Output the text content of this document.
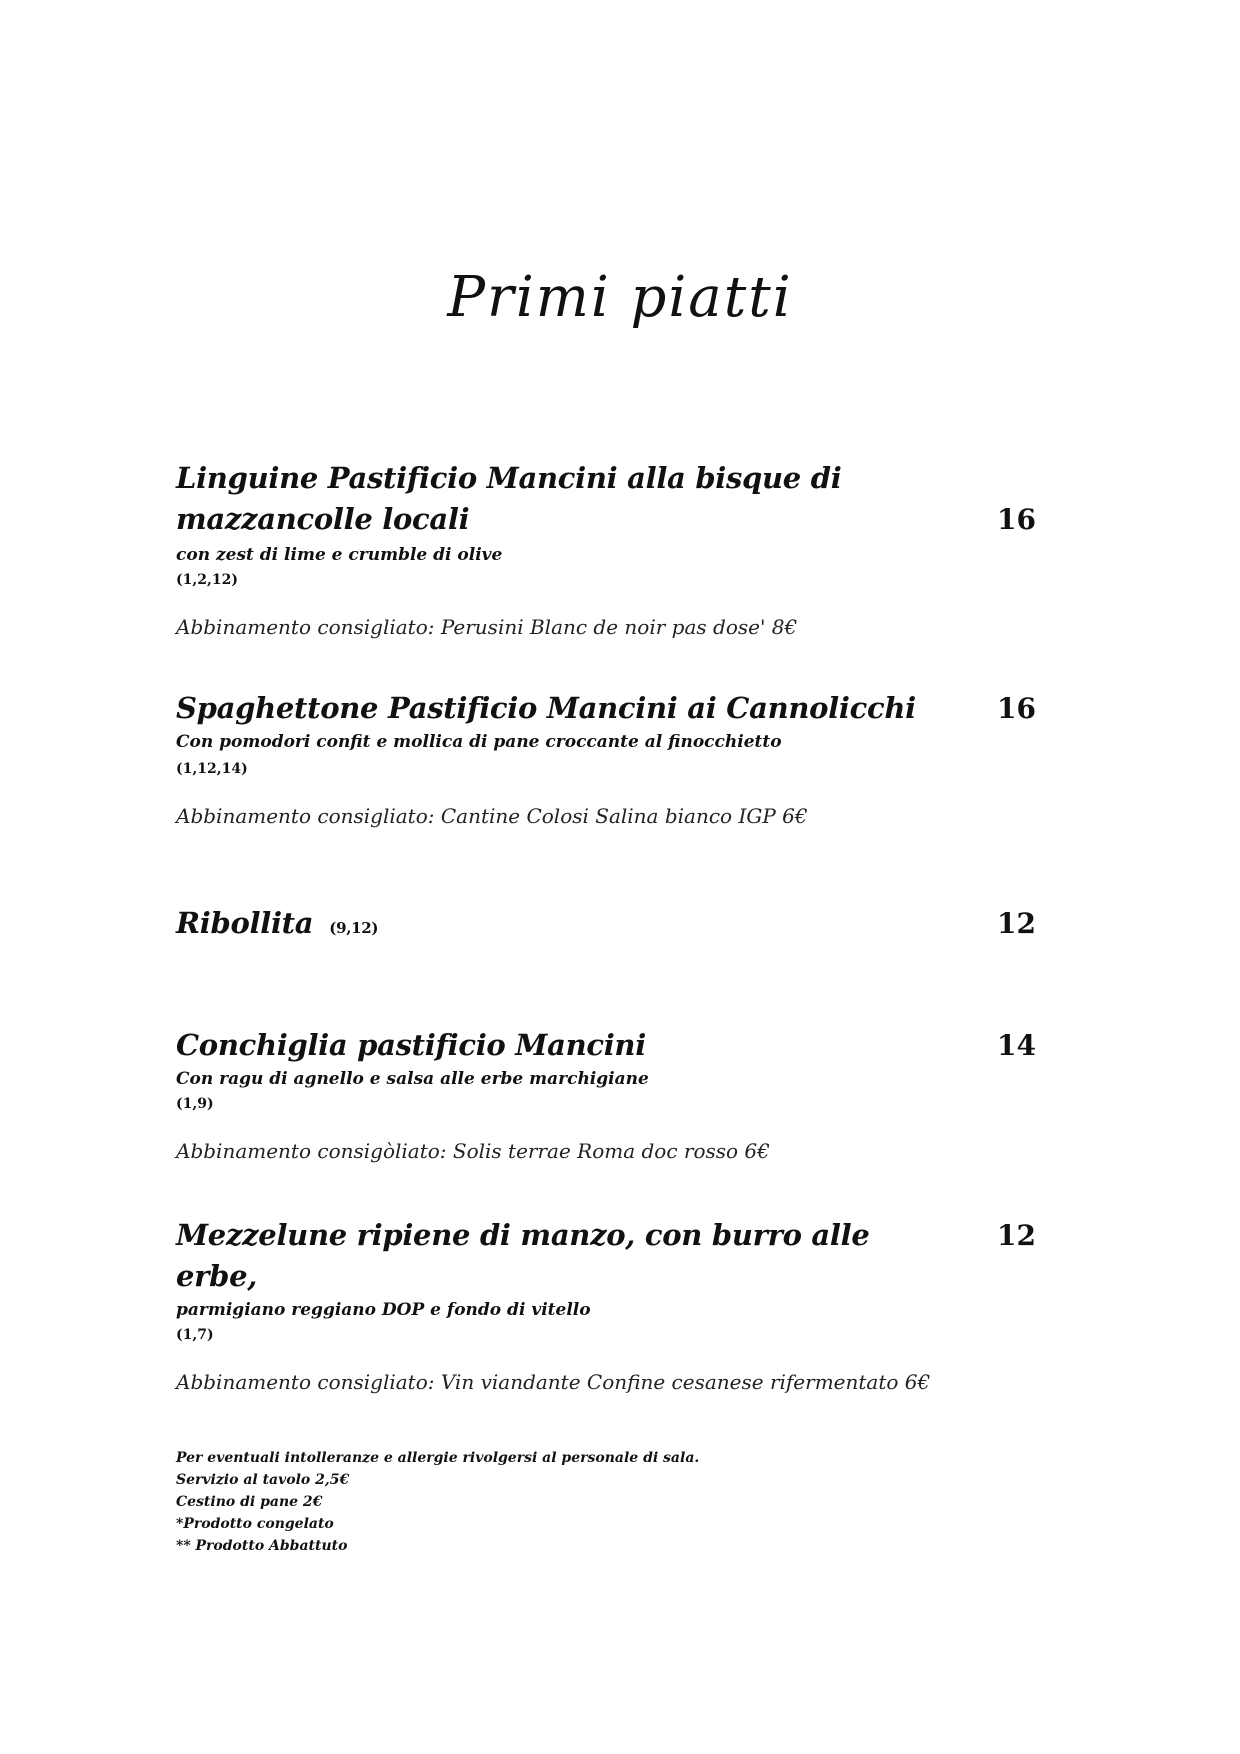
Primi piatti
Linguine Pastificio Mancini alla bisque di
mazzancolle locali	16
con zest di lime e crumble di olive
(1,2,12)
Abbinamento consigliato: Perusini Blanc de noir pas dose' 8€
Spaghettone Pastificio Mancini ai Cannolicchi	16
Con pomodori confit e mollica di pane croccante al finocchietto
(1,12,14)
Abbinamento consigliato: Cantine Colosi Salina bianco IGP 6€
Ribollita (9,12)	12
Conchiglia pastificio Mancini	14
Con ragu di agnello e salsa alle erbe marchigiane
(1,9)
Abbinamento consigòliato: Solis terrae Roma doc rosso 6€
Mezzelune ripiene di manzo, con burro alle erbe,
12
parmigiano reggiano DOP e fondo di vitello
(1,7)
Abbinamento consigliato: Vin viandante Confine cesanese rifermentato 6€
Per eventuali intolleranze e allergie rivolgersi al personale di sala.
Servizio al tavolo 2,5€
Cestino di pane 2€
*Prodotto congelato
** Prodotto Abbattuto
